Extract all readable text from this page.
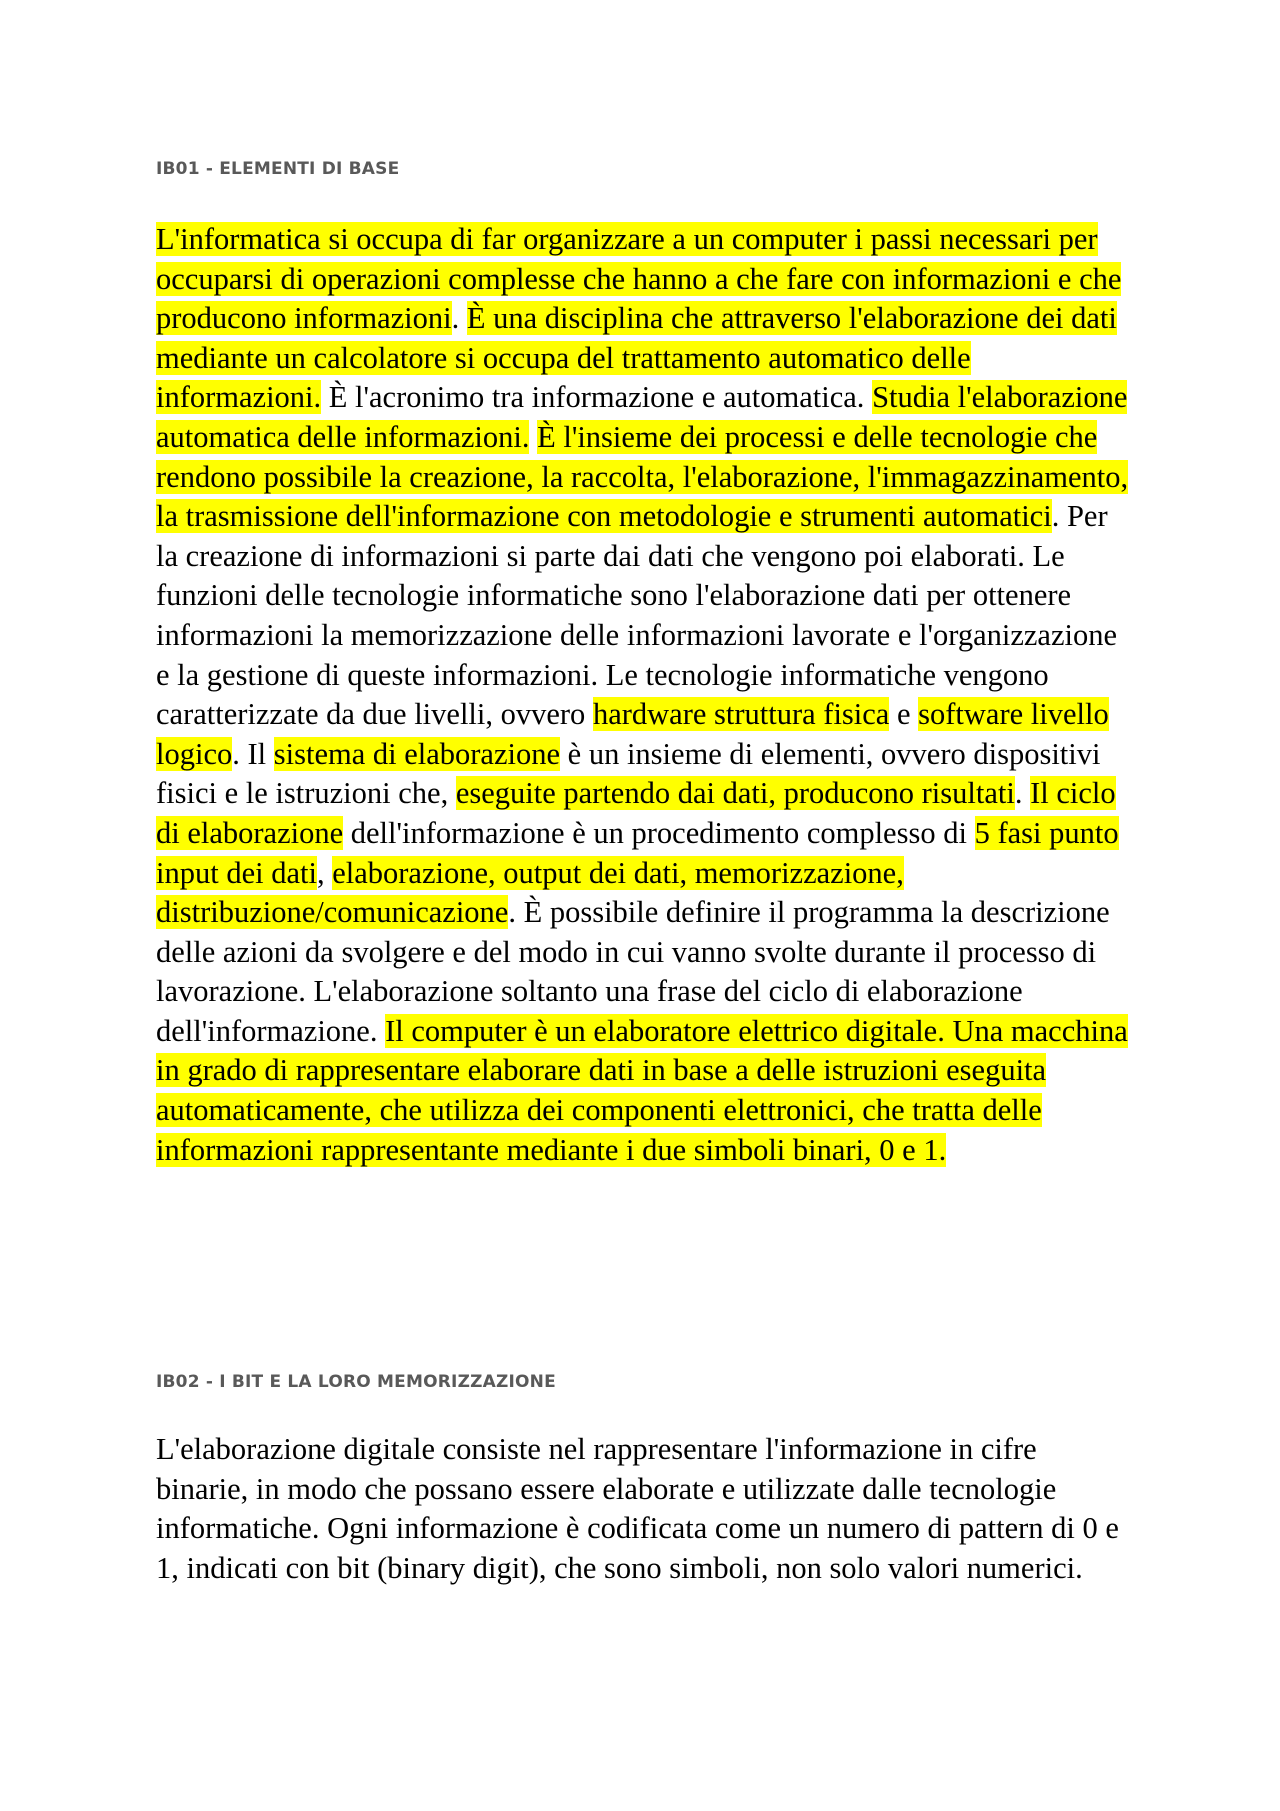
IB01 - ELEMENTI DI BASE

L'informatica si occupa di far organizzare a un computer i passi necessari per occuparsi di operazioni complesse che hanno a che fare con informazioni e che producono informazioni. È una disciplina che attraverso l'elaborazione dei dati mediante un calcolatore si occupa del trattamento automatico delle informazioni. È l'acronimo tra informazione e automatica. Studia l'elaborazione automatica delle informazioni. È l'insieme dei processi e delle tecnologie che rendono possibile la creazione, la raccolta, l'elaborazione, l'immagazzinamento, la trasmissione dell'informazione con metodologie e strumenti automatici. Per la creazione di informazioni si parte dai dati che vengono poi elaborati. Le funzioni delle tecnologie informatiche sono l'elaborazione dati per ottenere informazioni la memorizzazione delle informazioni lavorate e l'organizzazione e la gestione di queste informazioni. Le tecnologie informatiche vengono caratterizzate da due livelli, ovvero hardware struttura fisica e software livello logico. Il sistema di elaborazione è un insieme di elementi, ovvero dispositivi fisici e le istruzioni che, eseguite partendo dai dati, producono risultati. Il ciclo di elaborazione dell'informazione è un procedimento complesso di 5 fasi punto input dei dati, elaborazione, output dei dati, memorizzazione, distribuzione/comunicazione. È possibile definire il programma la descrizione delle azioni da svolgere e del modo in cui vanno svolte durante il processo di lavorazione. L'elaborazione soltanto una frase del ciclo di elaborazione dell'informazione. Il computer è un elaboratore elettrico digitale. Una macchina in grado di rappresentare elaborare dati in base a delle istruzioni eseguita automaticamente, che utilizza dei componenti elettronici, che tratta delle informazioni rappresentante mediante i due simboli binari, 0 e 1.

IB02 - I BIT E LA LORO MEMORIZZAZIONE

L'elaborazione digitale consiste nel rappresentare l'informazione in cifre binarie, in modo che possano essere elaborate e utilizzate dalle tecnologie informatiche. Ogni informazione è codificata come un numero di pattern di 0 e 1, indicati con bit (binary digit), che sono simboli, non solo valori numerici.
